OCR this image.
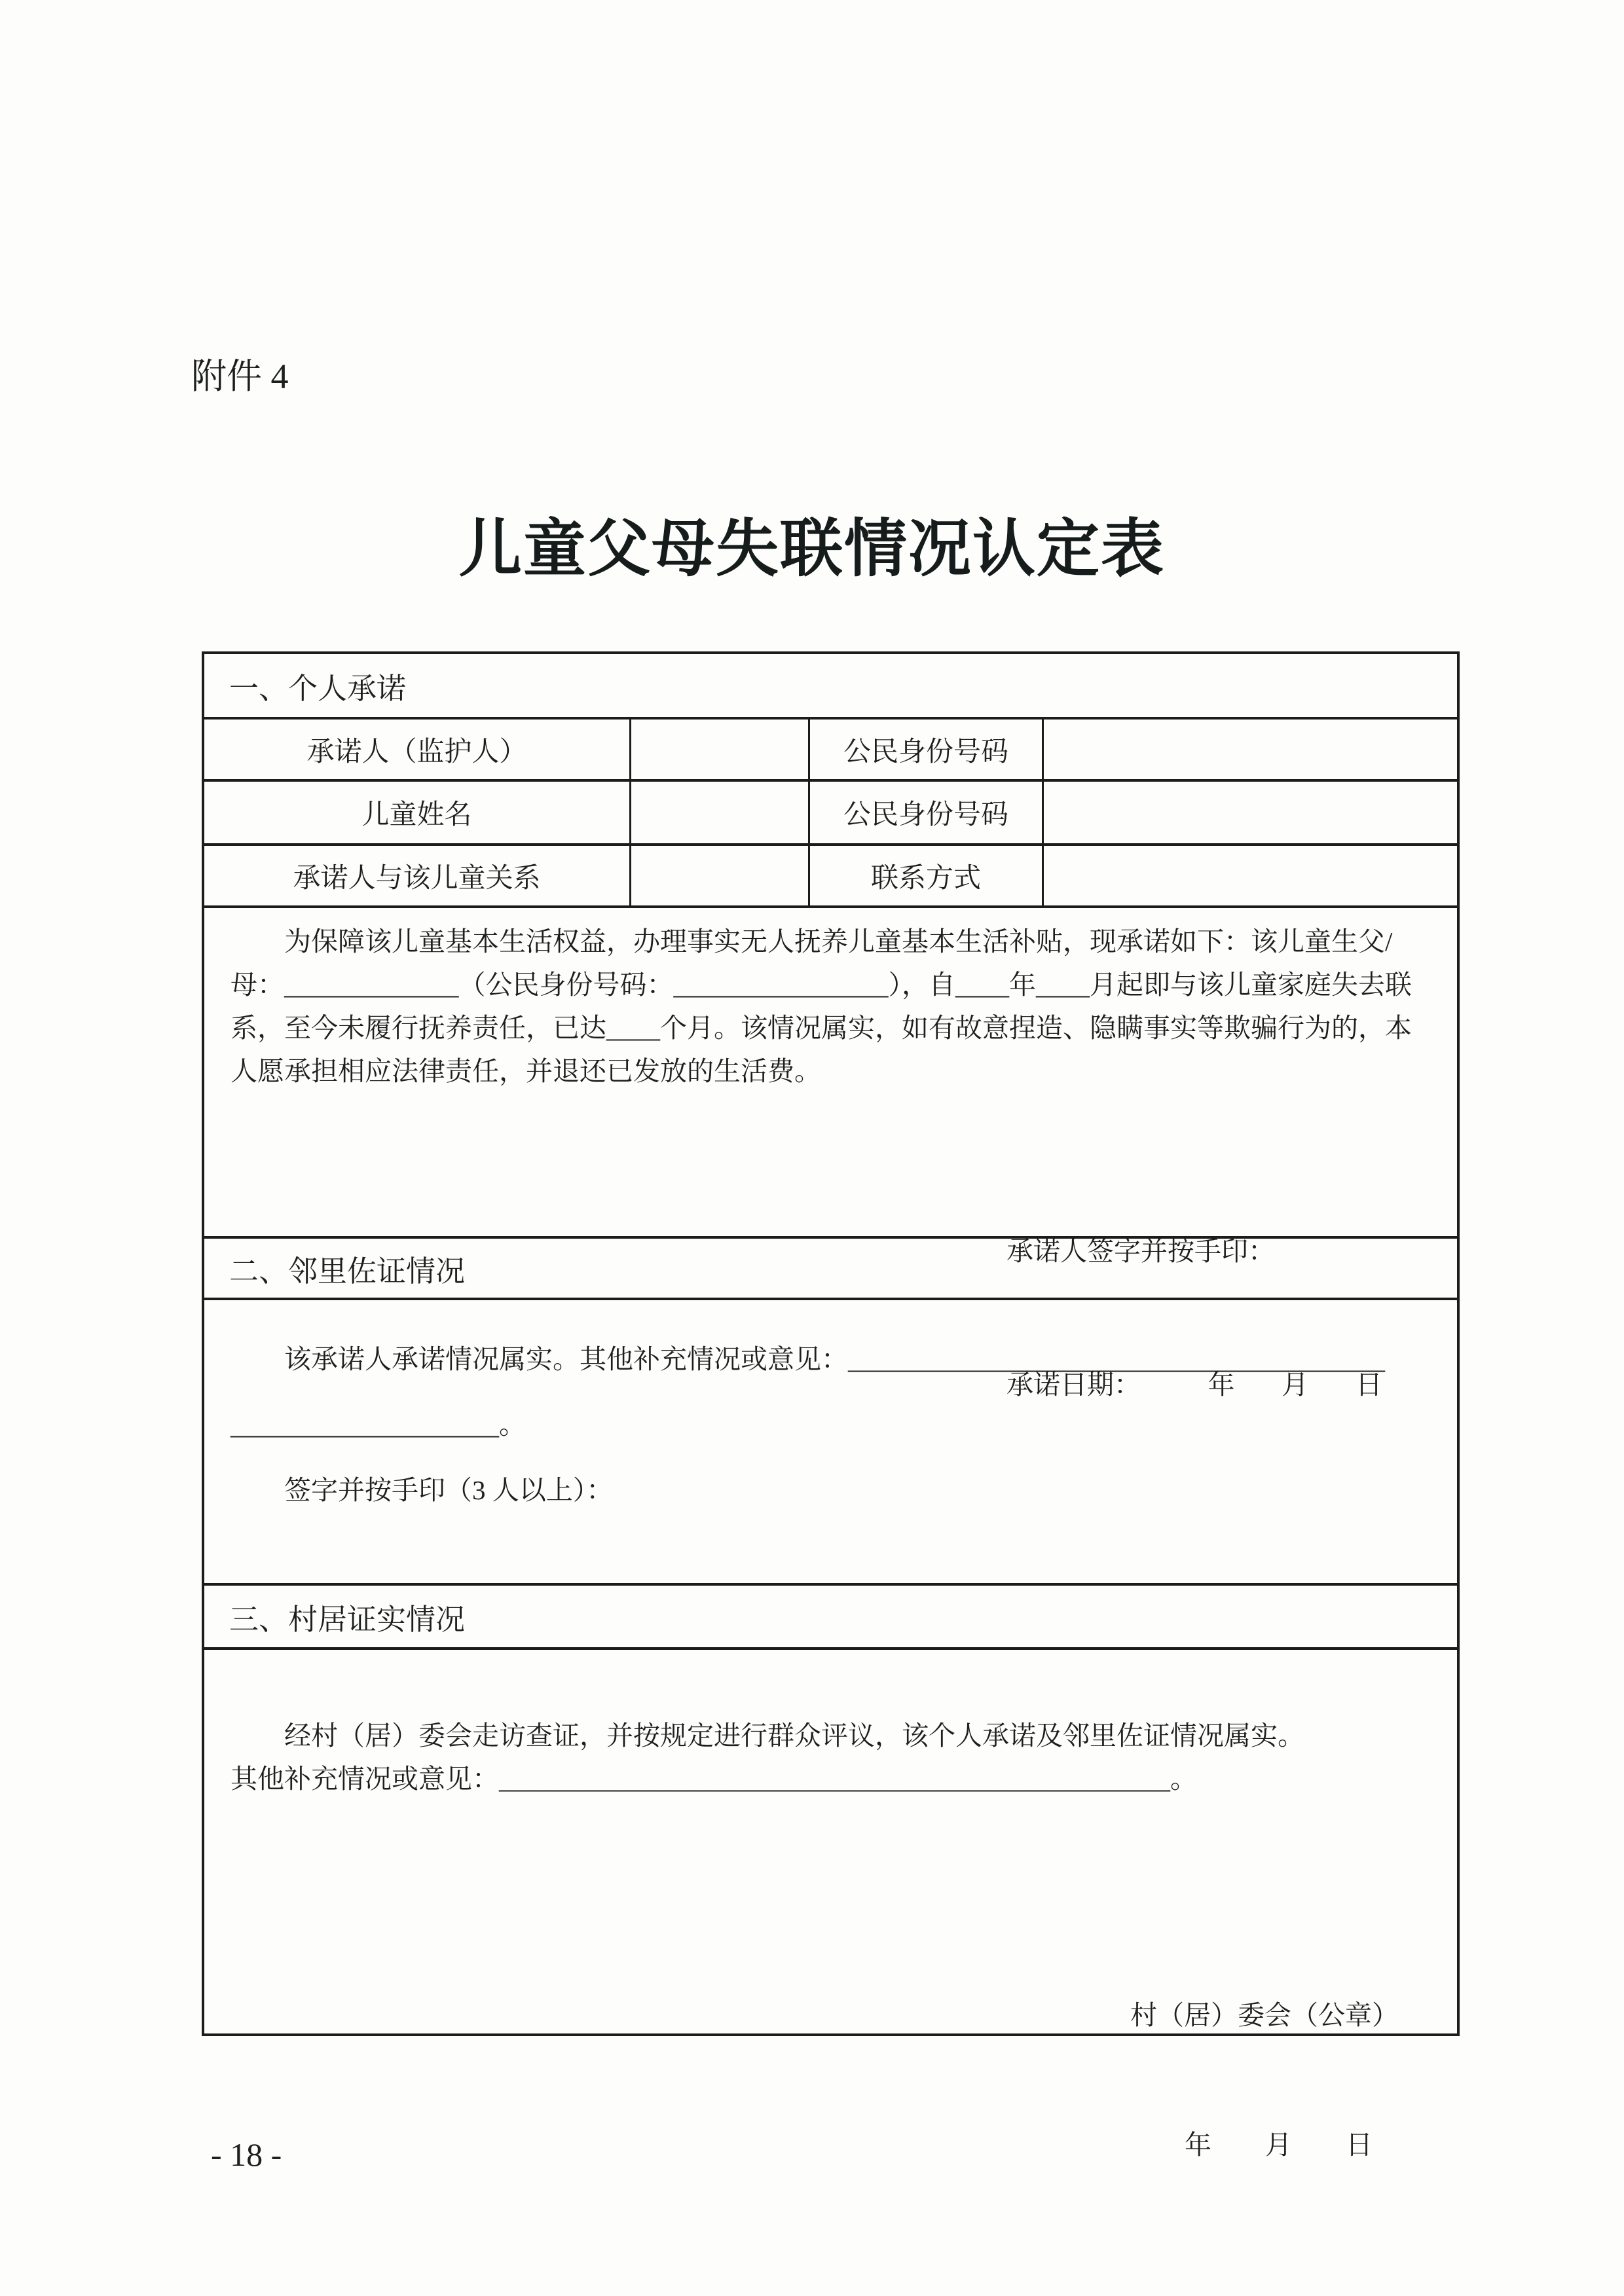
附件 4
儿童父母失联情况认定表
一、个人承诺
承诺人（监护人）	公民身份号码
儿童姓名	公民身份号码
承诺人与该儿童关系	联系方式
为保障该儿童基本生活权益，办理事实无人抚养儿童基本生活补贴，现承诺如下：该儿童生父/母：_____________（公民身份号码：________________），自____年____月起即与该儿童家庭失去联系，至今未履行抚养责任，已达____个月。该情况属实，如有故意捏造、隐瞒事实等欺骗行为的，本人愿承担相应法律责任，并退还已发放的生活费。

承诺人签字并按手印：

承诺日期：          年       月       日

二、邻里佐证情况
该承诺人承诺情况属实。其他补充情况或意见：________________________________________
____________________。
签字并按手印（3 人以上）：
三、村居证实情况
经村（居）委会走访查证，并按规定进行群众评议，该个人承诺及邻里佐证情况属实。
其他补充情况或意见：__________________________________________________。

村（居）委会（公章）

年        月        日

- 18 -
